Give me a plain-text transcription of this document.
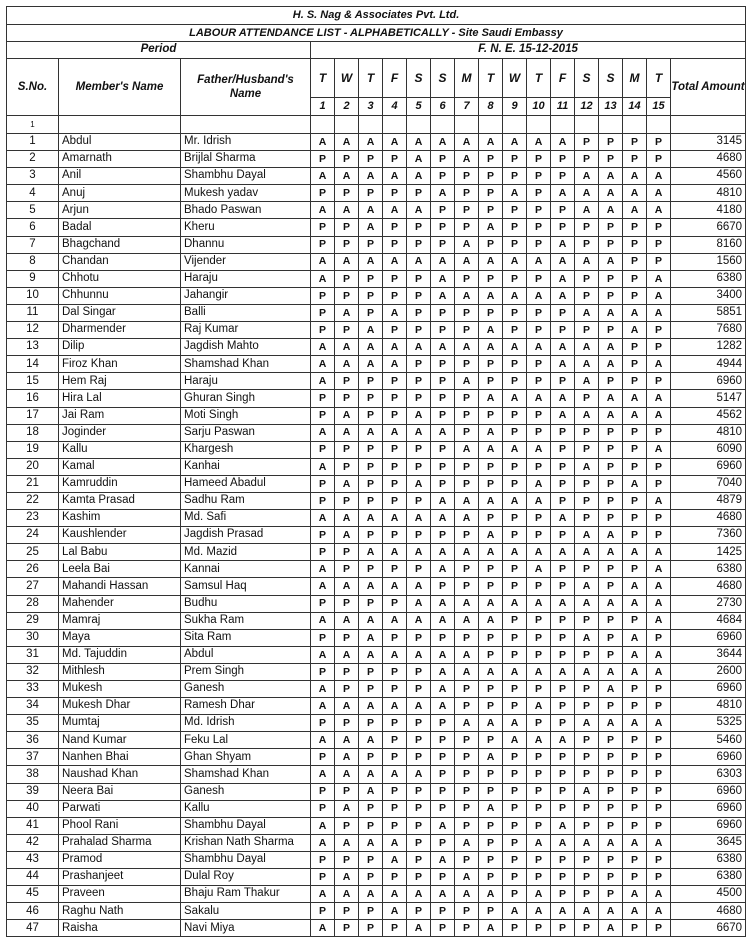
H. S. Nag & Associates Pvt. Ltd.																		
LABOUR ATTENDANCE LIST - ALPHABETICALLY - Site Saudi Embassy																		
Period			F. N. E. 15-12-2015															
S.No.	Member's Name	Father/Husband's Name	T	W	T	F	S	S	M	T	W	T	F	S	S	M	T	Total Amount
			1	2	3	4	5	6	7	8	9	10	11	12	13	14	15	
1																		
1	Abdul	Mr. Idrish	A	A	A	A	A	A	A	A	A	A	A	P	P	P	P	3145
2	Amarnath	Brijlal Sharma	P	P	P	P	A	P	A	P	P	P	P	P	P	P	P	4680
3	Anil	Shambhu Dayal	A	A	A	A	A	P	P	P	P	P	P	A	A	A	A	4560
4	Anuj	Mukesh yadav	P	P	P	P	P	A	P	P	A	P	A	A	A	A	A	4810
5	Arjun	Bhado Paswan	A	A	A	A	A	P	P	P	P	P	P	A	A	A	A	4180
6	Badal	Kheru	P	P	A	P	P	P	P	A	P	P	P	P	P	P	P	6670
7	Bhagchand	Dhannu	P	P	P	P	P	P	A	P	P	P	A	P	P	P	P	8160
8	Chandan	Vijender	A	A	A	A	A	A	A	A	A	A	A	A	A	P	P	1560
9	Chhotu	Haraju	A	P	P	P	P	A	P	P	P	P	A	P	P	P	A	6380
10	Chhunnu	Jahangir	P	P	P	P	P	A	A	A	A	A	A	P	P	P	A	3400
11	Dal Singar	Balli	P	A	P	A	P	P	P	P	P	P	P	A	A	A	A	5851
12	Dharmender	Raj Kumar	P	P	A	P	P	P	P	A	P	P	P	P	P	A	P	7680
13	Dilip	Jagdish Mahto	A	A	A	A	A	A	A	A	A	A	A	A	A	P	P	1282
14	Firoz Khan	Shamshad Khan	A	A	A	A	P	P	P	P	P	P	A	A	A	P	A	4944
15	Hem Raj	Haraju	A	P	P	P	P	P	A	P	P	P	P	A	P	P	P	6960
16	Hira Lal	Ghuran Singh	P	P	P	P	P	P	P	A	A	A	A	P	A	A	A	5147
17	Jai Ram	Moti Singh	P	A	P	P	A	P	P	P	P	P	A	A	A	A	A	4562
18	Joginder	Sarju Paswan	A	A	A	A	A	A	P	A	P	P	P	P	P	P	P	4810
19	Kallu	Khargesh	P	P	P	P	P	P	A	A	A	A	P	P	P	P	A	6090
20	Kamal	Kanhai	A	P	P	P	P	P	P	P	P	P	P	A	P	P	P	6960
21	Kamruddin	Hameed Abadul	P	A	P	P	A	P	P	P	P	A	P	P	P	A	P	7040
22	Kamta Prasad	Sadhu Ram	P	P	P	P	P	A	A	A	A	A	P	P	P	P	A	4879
23	Kashim	Md. Safi	A	A	A	A	A	A	A	P	P	P	A	P	P	P	P	4680
24	Kaushlender	Jagdish Prasad	P	A	P	P	P	P	P	A	P	P	P	A	A	P	P	7360
25	Lal Babu	Md. Mazid	P	P	A	A	A	A	A	A	A	A	A	A	A	A	A	1425
26	Leela Bai	Kannai	A	P	P	P	P	A	P	P	P	A	P	P	P	P	A	6380
27	Mahandi Hassan	Samsul Haq	A	A	A	A	A	P	P	P	P	P	P	A	P	A	A	4680
28	Mahender	Budhu	P	P	P	P	A	A	A	A	A	A	A	A	A	A	A	2730
29	Mamraj	Sukha Ram	A	A	A	A	A	A	A	A	P	P	P	P	P	P	A	4684
30	Maya	Sita Ram	P	P	A	P	P	P	P	P	P	P	P	A	P	A	P	6960
31	Md. Tajuddin	Abdul	A	A	A	A	A	A	A	P	P	P	P	P	P	A	A	3644
32	Mithlesh	Prem Singh	P	P	P	P	P	A	A	A	A	A	A	A	A	A	A	2600
33	Mukesh	Ganesh	A	P	P	P	P	A	P	P	P	P	P	P	A	P	P	6960
34	Mukesh Dhar	Ramesh Dhar	A	A	A	A	A	A	P	P	P	A	P	P	P	P	P	4810
35	Mumtaj	Md. Idrish	P	P	P	P	P	P	A	A	A	P	P	A	A	A	A	5325
36	Nand Kumar	Feku Lal	A	A	A	P	P	P	P	P	A	A	A	P	P	P	P	5460
37	Nanhen Bhai	Ghan Shyam	P	A	P	P	P	P	P	A	P	P	P	P	P	P	P	6960
38	Naushad Khan	Shamshad Khan	A	A	A	A	A	P	P	P	P	P	P	P	P	P	P	6303
39	Neera Bai	Ganesh	P	P	A	P	P	P	P	P	P	P	P	A	P	P	P	6960
40	Parwati	Kallu	P	A	P	P	P	P	P	A	P	P	P	P	P	P	P	6960
41	Phool Rani	Shambhu Dayal	A	P	P	P	P	A	P	P	P	P	A	P	P	P	P	6960
42	Prahalad Sharma	Krishan Nath Sharma	A	A	A	A	P	P	A	P	P	A	A	A	A	A	A	3645
43	Pramod	Shambhu Dayal	P	P	P	A	P	A	P	P	P	P	P	P	P	P	P	6380
44	Prashanjeet	Dulal Roy	P	A	P	P	P	P	A	P	P	P	P	P	P	P	P	6380
45	Praveen	Bhaju Ram Thakur	A	A	A	A	A	A	A	A	P	A	P	P	P	A	A	4500
46	Raghu Nath	Sakalu	P	P	P	A	P	P	P	P	A	A	A	A	A	A	A	4680
47	Raisha	Navi Miya	A	P	P	P	A	P	P	A	P	P	P	P	A	P	P	6670
